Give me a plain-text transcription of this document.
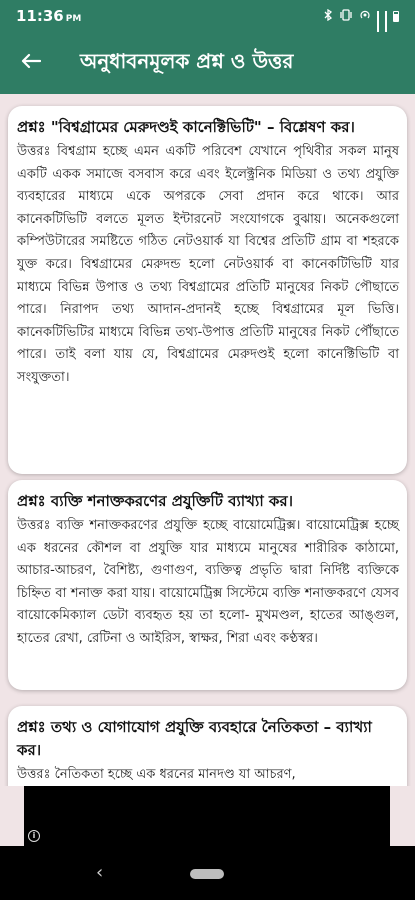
11:36 PM
অনুধাবনমূলক প্রশ্ন ও উত্তর

প্রশ্নঃ "বিশ্বগ্রামের মেরুদণ্ডই কানেক্টিভিটি" – বিশ্লেষণ কর।

উত্তরঃ বিশ্বগ্রাম হচ্ছে এমন একটি পরিবেশ যেখানে পৃথিবীর সকল মানুষ একটি একক সমাজে বসবাস করে এবং ইলেক্ট্রনিক মিডিয়া ও তথ্য প্রযুক্তি ব্যবহারের মাধ্যমে একে অপরকে সেবা প্রদান করে থাকে। আর কানেকটিভিটি বলতে মূলত ইন্টারনেট সংযোগকে বুঝায়। অনেকগুলো কম্পিউটারের সমষ্টিতে গঠিত নেটওয়ার্ক যা বিশ্বের প্রতিটি গ্রাম বা শহরকে যুক্ত করে। বিশ্বগ্রামের মেরুদন্ড হলো নেটওয়ার্ক বা কানেকটিভিটি যার মাধ্যমে বিভিন্ন উপাত্ত ও তথ্য বিশ্বগ্রামের প্রতিটি মানুষের নিকট পৌছাতে পারে। নিরাপদ তথ্য আদান-প্রদানই হচ্ছে বিশ্বগ্রামের মূল ভিত্তি। কানেকটিভিটির মাধ্যমে বিভিন্ন তথ্য-উপাত্ত প্রতিটি মানুষের নিকট পৌঁছাতে পারে। তাই বলা যায় যে, বিশ্বগ্রামের মেরুদণ্ডই হলো কানেক্টিভিটি বা সংযুক্ততা।

প্রশ্নঃ ব্যক্তি শনাক্তকরণের প্রযুক্তিটি ব্যাখ্যা কর।

উত্তরঃ ব্যক্তি শনাক্তকরণের প্রযুক্তি হচ্ছে বায়োমেট্রিক্স। বায়োমেট্রিক্স হচ্ছে এক ধরনের কৌশল বা প্রযুক্তি যার মাধ্যমে মানুষের শারীরিক কাঠামো, আচার-আচরণ, বৈশিষ্ট্য, গুণাগুণ, ব্যক্তিত্ব প্রভৃতি দ্বারা নির্দিষ্ট ব্যক্তিকে চিহ্নিত বা শনাক্ত করা যায়। বায়োমেট্রিক্স সিস্টেমে ব্যক্তি শনাক্তকরণে যেসব বায়োকেমিক্যাল ডেটা ব্যবহৃত হয় তা হলো- মুখমণ্ডল, হাতের আঙ্গুল, হাতের রেখা, রেটিনা ও আইরিস, স্বাক্ষর, শিরা এবং কণ্ঠস্বর।

প্রশ্নঃ তথ্য ও যোগাযোগ প্রযুক্তি ব্যবহারে নৈতিকতা – ব্যাখ্যা কর।

উত্তরঃ নৈতিকতা হচ্ছে এক ধরনের মানদণ্ড যা আচরণ,

i
‹
